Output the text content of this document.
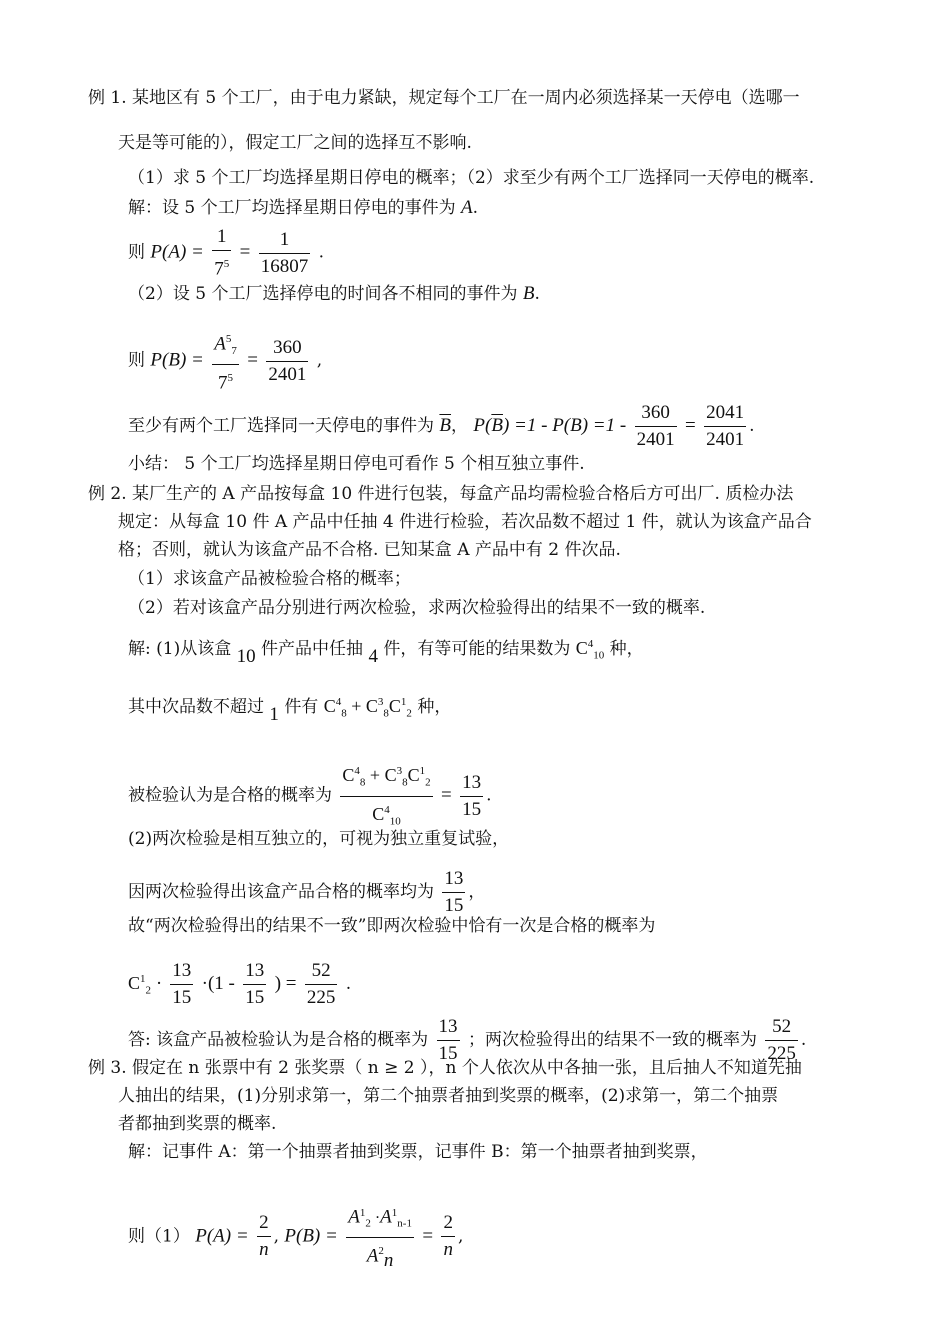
例 1. 某地区有 5 个工厂，由于电力紧缺，规定每个工厂在一周内必须选择某一天停电（选哪一
天是等可能的），假定工厂之间的选择互不影响.
（1）求 5 个工厂均选择星期日停电的概率；（2）求至少有两个工厂选择同一天停电的概率.
解：设 5 个工厂均选择星期日停电的事件为 A.
则 $P(A) = \frac{1}{7^5} = \frac{1}{16807}$ .
（2）设 5 个工厂选择停电的时间各不相同的事件为 B.
则 $P(B) = \frac{A^5_7}{7^5} = \frac{360}{2401}$ ,
至少有两个工厂选择同一天停电的事件为 $\overline{B}$， $P(\overline{B}) =1 - P(B) =1 - \frac{360}{2401} = \frac{2041}{2401}$ .
小结： 5 个工厂均选择星期日停电可看作 5 个相互独立事件.
例 2. 某厂生产的 A 产品按每盒 10 件进行包装，每盒产品均需检验合格后方可出厂. 质检办法
规定：从每盒 10 件 A 产品中任抽 4 件进行检验，若次品数不超过 1 件，就认为该盒产品合
格；否则，就认为该盒产品不合格. 已知某盒 A 产品中有 2 件次品.
（1）求该盒产品被检验合格的概率；
（2）若对该盒产品分别进行两次检验，求两次检验得出的结果不一致的概率.
解: (1)从该盒 10 件产品中任抽 4 件，有等可能的结果数为 $C^4_{10}$ 种，
其中次品数不超过 1 件有 $C^4_8 + C^3_8C^1_2$ 种，
被检验认为是合格的概率为 $\frac{C^4_8 + C^3_8C^1_2}{C^4_{10}} = \frac{13}{15}$ .
(2)两次检验是相互独立的，可视为独立重复试验，
因两次检验得出该盒产品合格的概率均为 $\frac{13}{15}$ ，
故“两次检验得出的结果不一致”即两次检验中恰有一次是合格的概率为
$C^1_2 \cdot \frac{13}{15} \cdot(1 - \frac{13}{15}$ ) = $\frac{52}{225}$ .
答: 该盒产品被检验认为是合格的概率为 $\frac{13}{15}$ ；两次检验得出的结果不一致的概率为 $\frac{52}{225}$ .
例 3. 假定在 n 张票中有 2 张奖票（ n ≥ 2 ），n 个人依次从中各抽一张，且后抽人不知道先抽
人抽出的结果，(1)分别求第一，第二个抽票者抽到奖票的概率，(2)求第一，第二个抽票
者都抽到奖票的概率.
解：记事件 A：第一个抽票者抽到奖票，记事件 B：第一个抽票者抽到奖票，
则（1） $P(A) = \frac{2}{n}$ , $P(B) = \frac{A^1_2 \cdot A^1_{n-1}}{A^2_n} = \frac{2}{n}$ ,
